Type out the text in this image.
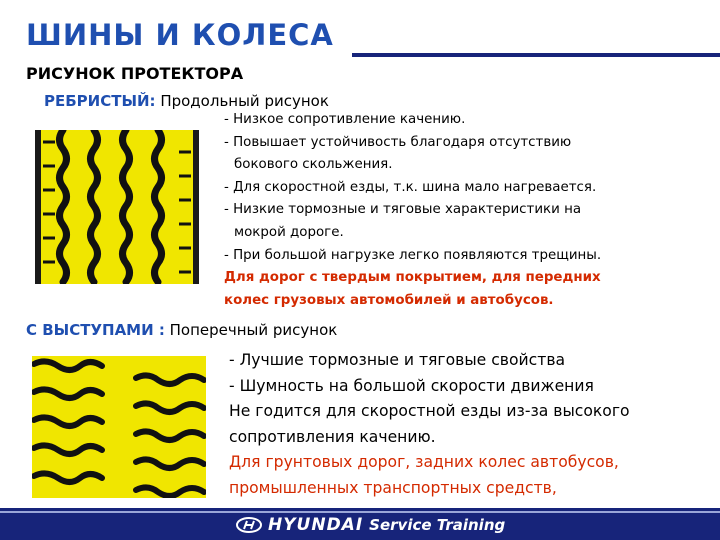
ШИНЫ И КОЛЕСА
РИСУНОК ПРОТЕКТОРА
РЕБРИСТЫЙ: Продольный рисунок
- Низкое сопротивление качению.
- Повышает устойчивость благодаря отсутствию
бокового скольжения.
- Для скоростной езды, т.к. шина мало нагревается.
- Низкие тормозные и тяговые характеристики на
мокрой дороге.
- При большой нагрузке легко появляются трещины.
Для дорог с твердым покрытием, для передних
колес грузовых автомобилей и автобусов.
С ВЫСТУПАМИ : Поперечный рисунок
- Лучшие тормозные и тяговые свойства
- Шумность на большой скорости движения
Не годится для скоростной езды из-за высокого
сопротивления качению.
Для грунтовых дорог, задних колес автобусов,
промышленных транспортных средств,
HYUNDAI Service Training
